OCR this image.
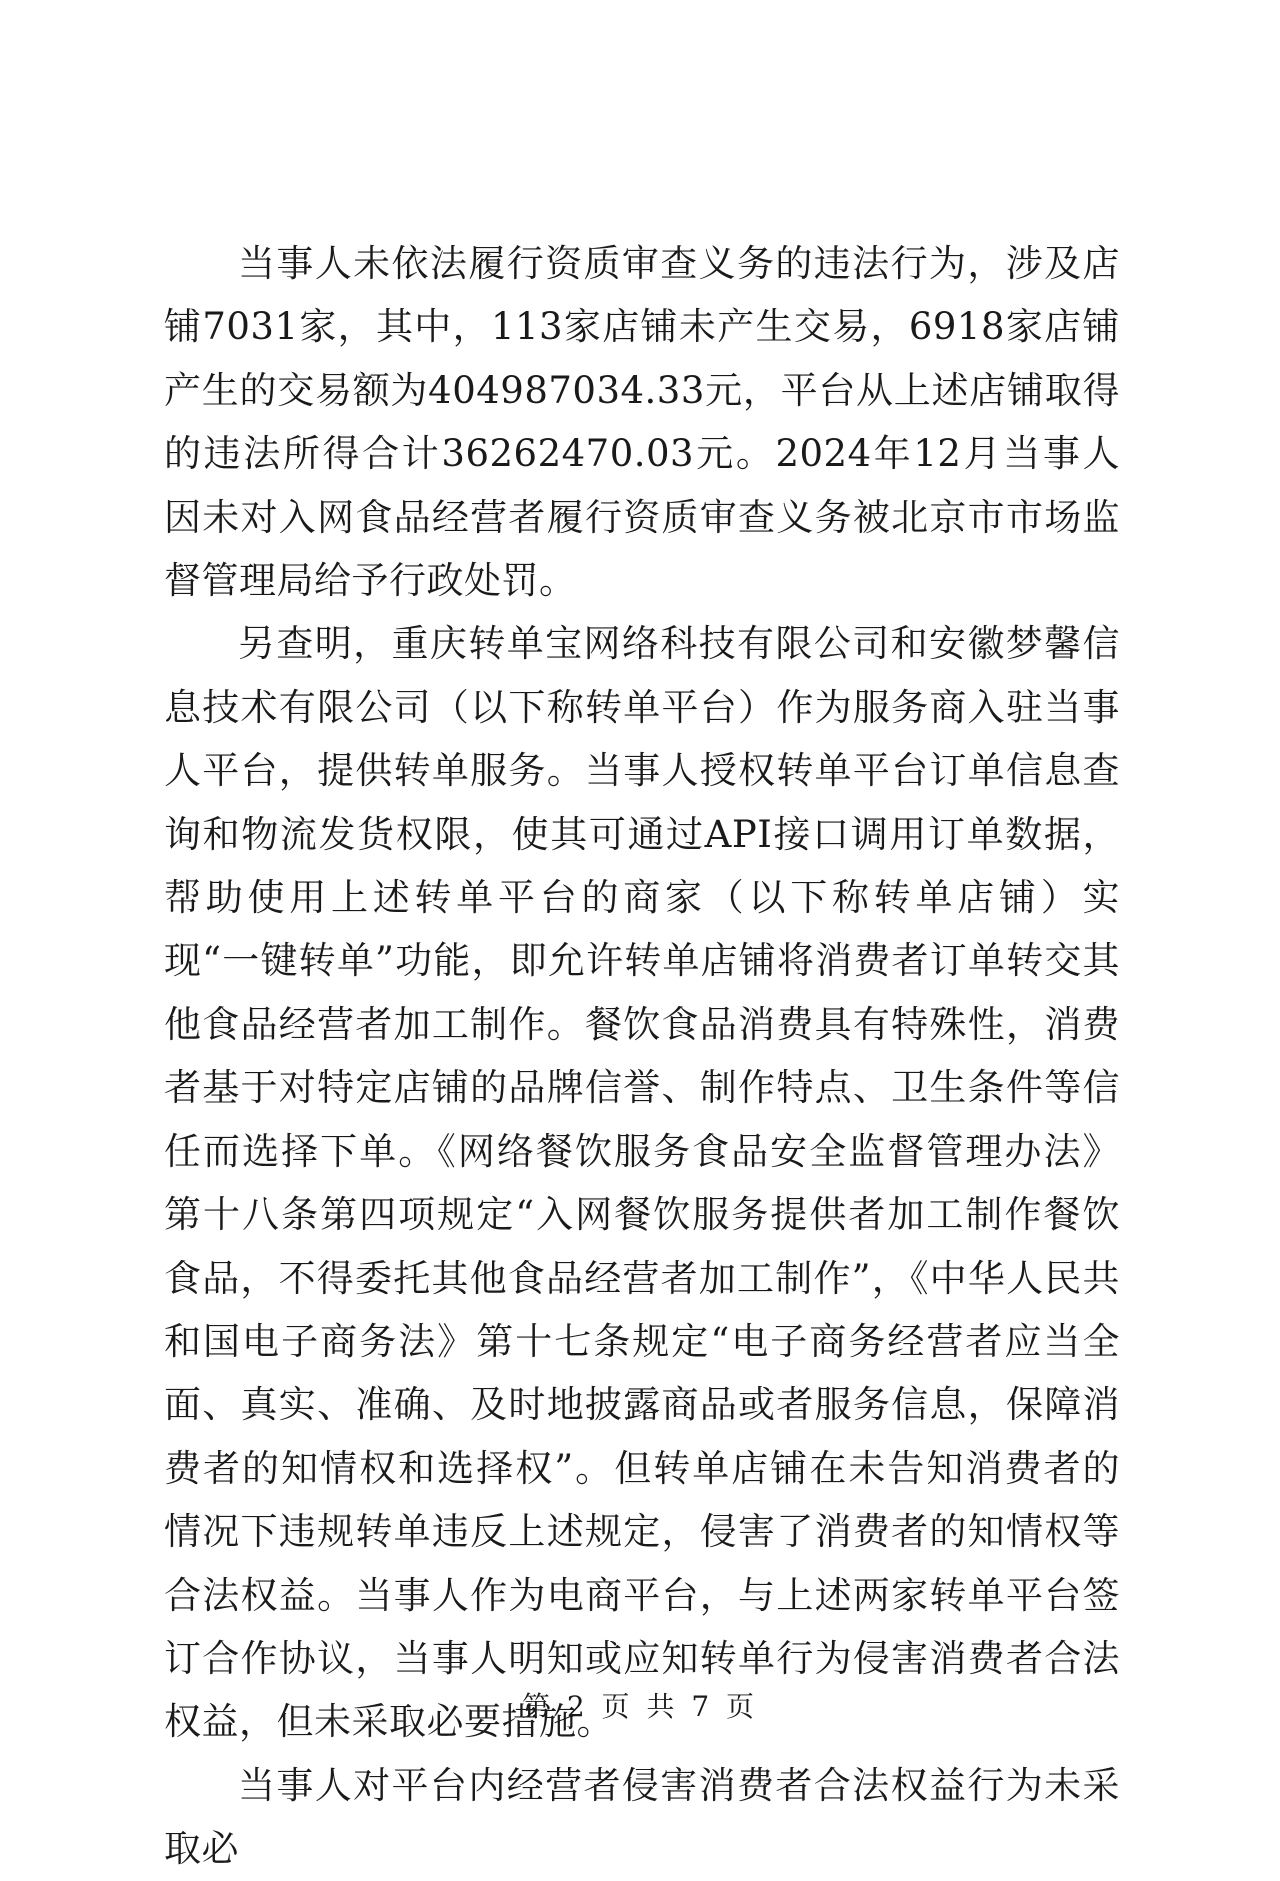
当事人未依法履行资质审查义务的违法行为，涉及店铺7031家，其中，113家店铺未产生交易，6918家店铺产生的交易额为404987034.33元，平台从上述店铺取得的违法所得合计36262470.03元。2024年12月当事人因未对入网食品经营者履行资质审查义务被北京市市场监督管理局给予行政处罚。

另查明，重庆转单宝网络科技有限公司和安徽梦馨信息技术有限公司（以下称转单平台）作为服务商入驻当事人平台，提供转单服务。当事人授权转单平台订单信息查询和物流发货权限，使其可通过API接口调用订单数据，帮助使用上述转单平台的商家（以下称转单店铺）实现“一键转单”功能，即允许转单店铺将消费者订单转交其他食品经营者加工制作。餐饮食品消费具有特殊性，消费者基于对特定店铺的品牌信誉、制作特点、卫生条件等信任而选择下单。《网络餐饮服务食品安全监督管理办法》第十八条第四项规定“入网餐饮服务提供者加工制作餐饮食品，不得委托其他食品经营者加工制作”，《中华人民共和国电子商务法》第十七条规定“电子商务经营者应当全面、真实、准确、及时地披露商品或者服务信息，保障消费者的知情权和选择权”。但转单店铺在未告知消费者的情况下违规转单违反上述规定，侵害了消费者的知情权等合法权益。当事人作为电商平台，与上述两家转单平台签订合作协议，当事人明知或应知转单行为侵害消费者合法权益，但未采取必要措施。

当事人对平台内经营者侵害消费者合法权益行为未采取必

第 2 页 共 7 页
